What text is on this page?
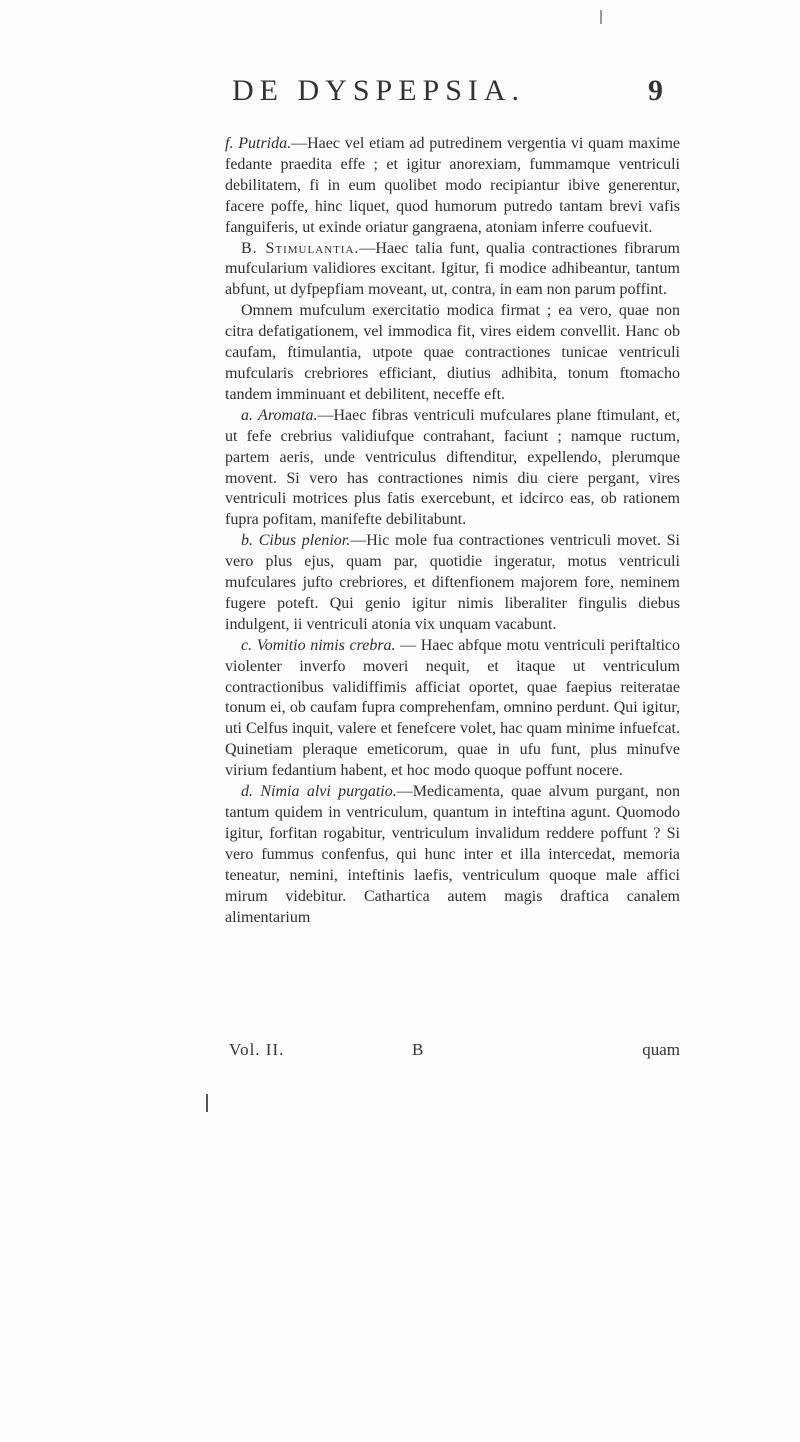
DE DYSPEPSIA.	9

f. Putrida.—Haec vel etiam ad putredinem vergentia vi quam maxime fedante praedita effe ; et igitur anorexiam, fummamque ventriculi debilitatem, fi in eum quolibet modo recipiantur ibive generentur, facere poffe, hinc liquet, quod humorum putredo tantam brevi vafis fanguiferis, ut exinde oriatur gangraena, atoniam inferre coufuevit.

B. Stimulantia.—Haec talia funt, qualia contractiones fibrarum mufcularium validiores excitant. Igitur, fi modice adhibeantur, tantum abfunt, ut dyfpepfiam moveant, ut, contra, in eam non parum poffint.

Omnem mufculum exercitatio modica firmat ; ea vero, quae non citra defatigationem, vel immodica fit, vires eidem convellit. Hanc ob caufam, ftimulantia, utpote quae contractiones tunicae ventriculi mufcularis crebriores efficiant, diutius adhibita, tonum ftomacho tandem imminuant et debilitent, neceffe eft.

a. Aromata.—Haec fibras ventriculi mufculares plane ftimulant, et, ut fefe crebrius validiufque contrahant, faciunt ; namque ructum, partem aeris, unde ventriculus diftenditur, expellendo, plerumque movent. Si vero has contractiones nimis diu ciere pergant, vires ventriculi motrices plus fatis exercebunt, et idcirco eas, ob rationem fupra pofitam, manifefte debilitabunt.

b. Cibus plenior.—Hic mole fua contractiones ventriculi movet. Si vero plus ejus, quam par, quotidie ingeratur, motus ventriculi mufculares jufto crebriores, et diftenfionem majorem fore, neminem fugere poteft. Qui genio igitur nimis liberaliter fingulis diebus indulgent, ii ventriculi atonia vix unquam vacabunt.

c. Vomitio nimis crebra. — Haec abfque motu ventriculi periftaltico violenter inverfo moveri nequit, et itaque ut ventriculum contractionibus validiffimis afficiat oportet, quae faepius reiteratae tonum ei, ob caufam fupra comprehenfam, omnino perdunt. Qui igitur, uti Celfus inquit, valere et fenefcere volet, hac quam minime infuefcat. Quinetiam pleraque emeticorum, quae in ufu funt, plus minufve virium fedantium habent, et hoc modo quoque poffunt nocere.

d. Nimia alvi purgatio.—Medicamenta, quae alvum purgant, non tantum quidem in ventriculum, quantum in inteftina agunt. Quomodo igitur, forfitan rogabitur, ventriculum invalidum reddere poffunt ? Si vero fummus confenfus, qui hunc inter et illa intercedat, memoria teneatur, nemini, inteftinis laefis, ventriculum quoque male affici mirum videbitur. Cathartica autem magis draftica canalem alimentarium

Vol. II.	B	quam
